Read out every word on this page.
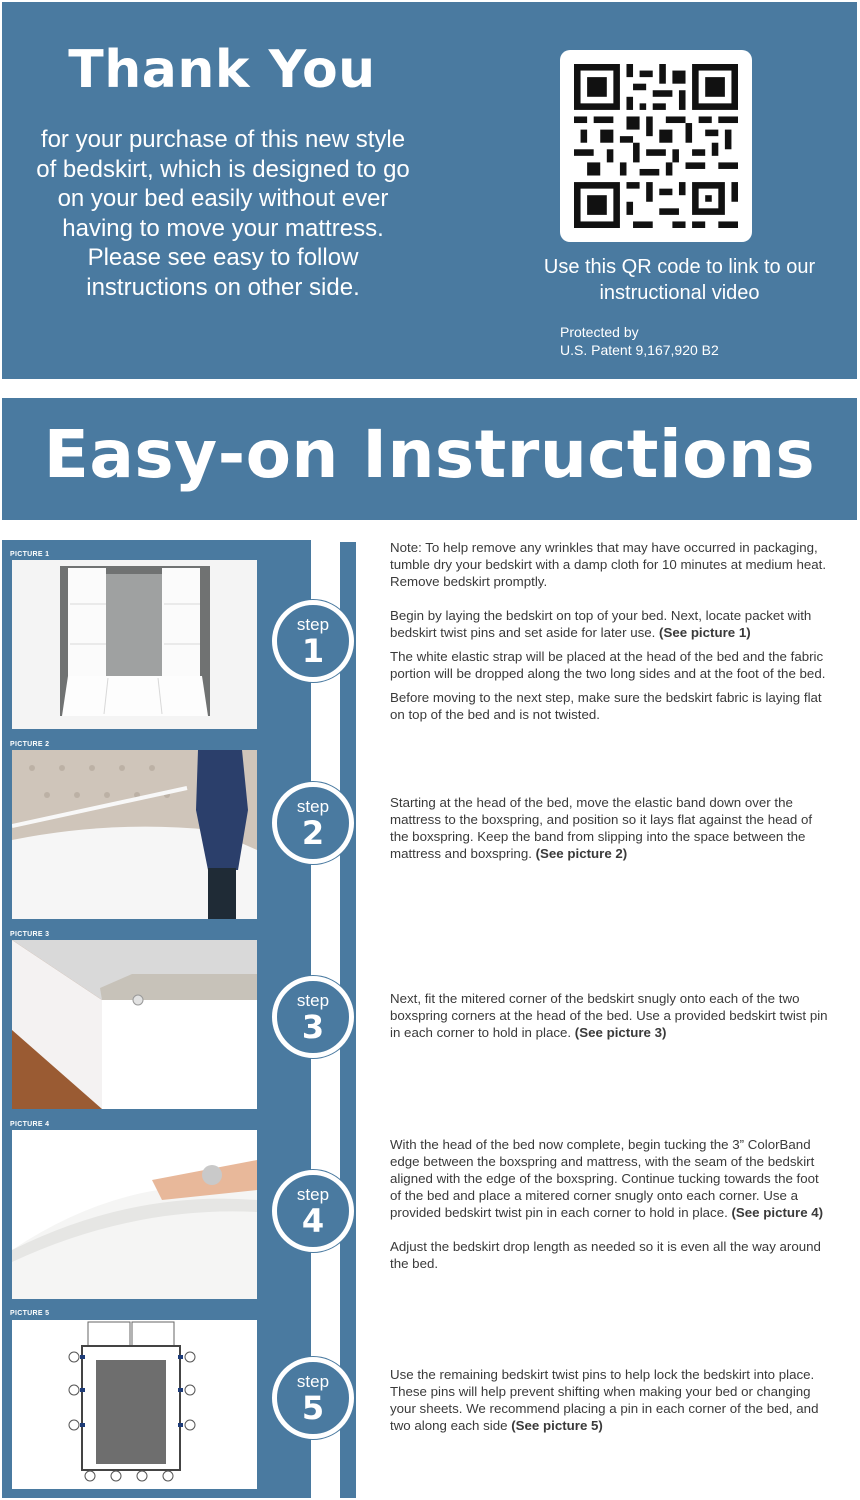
Thank You
for your purchase of this new style of bedskirt, which is designed to go on your bed easily without ever having to move your mattress. Please see easy to follow instructions on other side.
Use this QR code to link to our instructional video
Protected by
U.S. Patent 9,167,920 B2
Easy-on Instructions
PICTURE 1
PICTURE 2
PICTURE 3
PICTURE 4
PICTURE 5
step
1
step
2
step
3
step
4
step
5

Note: To help remove any wrinkles that may have occurred in packaging, tumble dry your bedskirt with a damp cloth for 10 minutes at medium heat. Remove bedskirt promptly.

Begin by laying the bedskirt on top of your bed. Next, locate packet with bedskirt twist pins and set aside for later use. (See picture 1)

The white elastic strap will be placed at the head of the bed and the fabric portion will be dropped along the two long sides and at the foot of the bed.

Before moving to the next step, make sure the bedskirt fabric is laying flat on top of the bed and is not twisted.

Starting at the head of the bed, move the elastic band down over the mattress to the boxspring, and position so it lays flat against the head of the boxspring. Keep the band from slipping into the space between the mattress and boxspring. (See picture 2)

Next, fit the mitered corner of the bedskirt snugly onto each of the two boxspring corners at the head of the bed. Use a provided bedskirt twist pin in each corner to hold in place. (See picture 3)

With the head of the bed now complete, begin tucking the 3” ColorBand edge between the boxspring and mattress, with the seam of the bedskirt aligned with the edge of the boxspring. Continue tucking towards the foot of the bed and place a mitered corner snugly onto each corner. Use a provided bedskirt twist pin in each corner to hold in place. (See picture 4)

Adjust the bedskirt drop length as needed so it is even all the way around the bed.

Use the remaining bedskirt twist pins to help lock the bedskirt into place. These pins will help prevent shifting when making your bed or changing your sheets. We recommend placing a pin in each corner of the bed, and two along each side (See picture 5)
